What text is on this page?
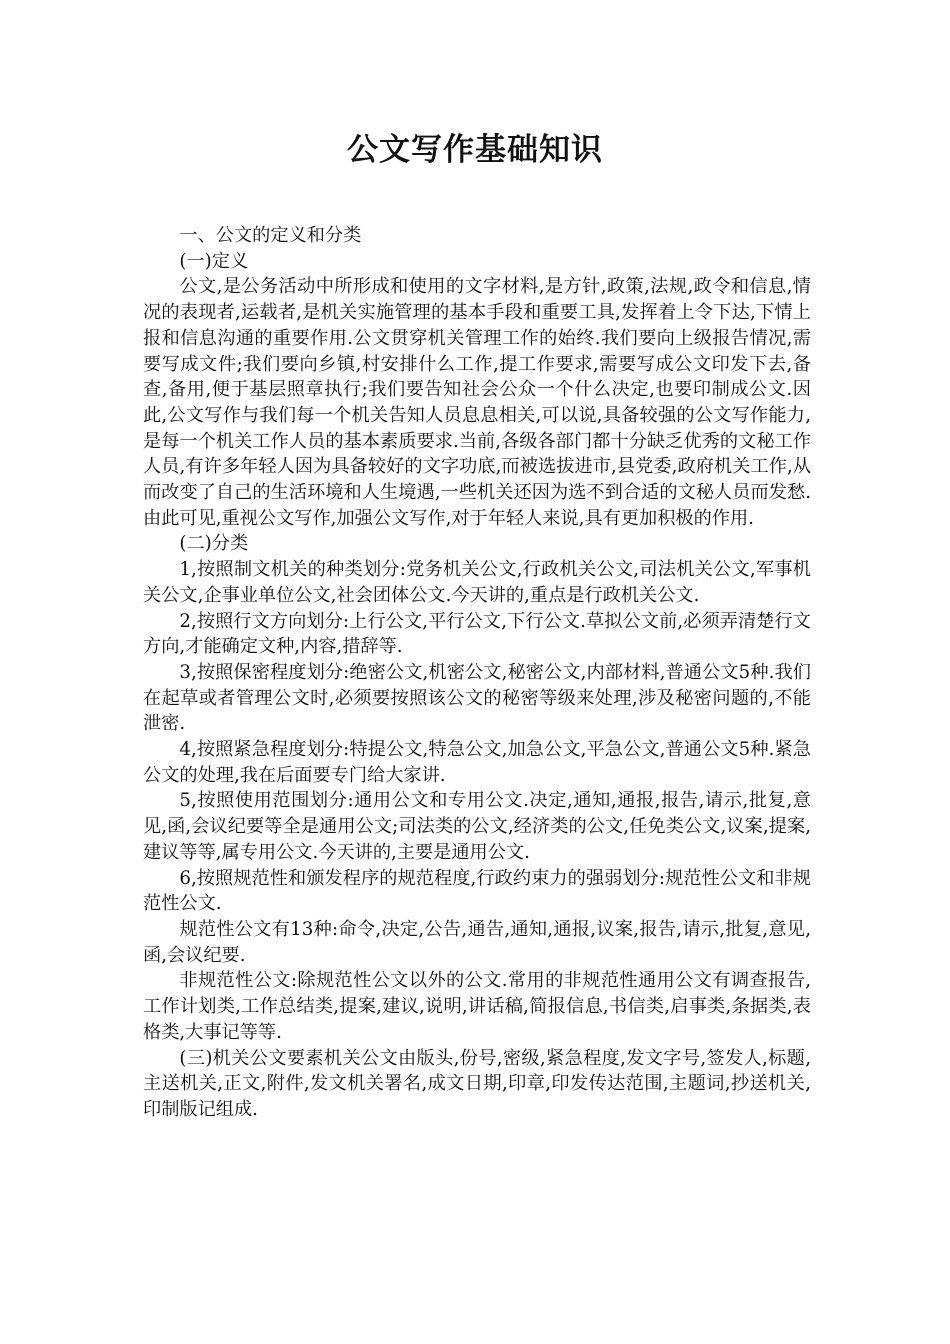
公文写作基础知识

一、公文的定义和分类

(一)定义

公文,是公务活动中所形成和使用的文字材料,是方针,政策,法规,政令和信息,情况的表现者,运载者,是机关实施管理的基本手段和重要工具,发挥着上令下达,下情上报和信息沟通的重要作用.公文贯穿机关管理工作的始终.我们要向上级报告情况,需要写成文件;我们要向乡镇,村安排什么工作,提工作要求,需要写成公文印发下去,备查,备用,便于基层照章执行;我们要告知社会公众一个什么决定,也要印制成公文.因此,公文写作与我们每一个机关告知人员息息相关,可以说,具备较强的公文写作能力,是每一个机关工作人员的基本素质要求.当前,各级各部门都十分缺乏优秀的文秘工作人员,有许多年轻人因为具备较好的文字功底,而被选拔进市,县党委,政府机关工作,从而改变了自己的生活环境和人生境遇,一些机关还因为选不到合适的文秘人员而发愁.由此可见,重视公文写作,加强公文写作,对于年轻人来说,具有更加积极的作用.

(二)分类

1,按照制文机关的种类划分:党务机关公文,行政机关公文,司法机关公文,军事机关公文,企事业单位公文,社会团体公文.今天讲的,重点是行政机关公文.

2,按照行文方向划分:上行公文,平行公文,下行公文.草拟公文前,必须弄清楚行文方向,才能确定文种,内容,措辞等.

3,按照保密程度划分:绝密公文,机密公文,秘密公文,内部材料,普通公文5种.我们在起草或者管理公文时,必须要按照该公文的秘密等级来处理,涉及秘密问题的,不能泄密.

4,按照紧急程度划分:特提公文,特急公文,加急公文,平急公文,普通公文5种.紧急公文的处理,我在后面要专门给大家讲.

5,按照使用范围划分:通用公文和专用公文.决定,通知,通报,报告,请示,批复,意见,函,会议纪要等全是通用公文;司法类的公文,经济类的公文,任免类公文,议案,提案,建议等等,属专用公文.今天讲的,主要是通用公文.

6,按照规范性和颁发程序的规范程度,行政约束力的强弱划分:规范性公文和非规范性公文.

规范性公文有13种:命令,决定,公告,通告,通知,通报,议案,报告,请示,批复,意见,函,会议纪要.

非规范性公文:除规范性公文以外的公文.常用的非规范性通用公文有调查报告,工作计划类,工作总结类,提案,建议,说明,讲话稿,简报信息,书信类,启事类,条据类,表格类,大事记等等.

(三)机关公文要素机关公文由版头,份号,密级,紧急程度,发文字号,签发人,标题,主送机关,正文,附件,发文机关署名,成文日期,印章,印发传达范围,主题词,抄送机关,印制版记组成.
